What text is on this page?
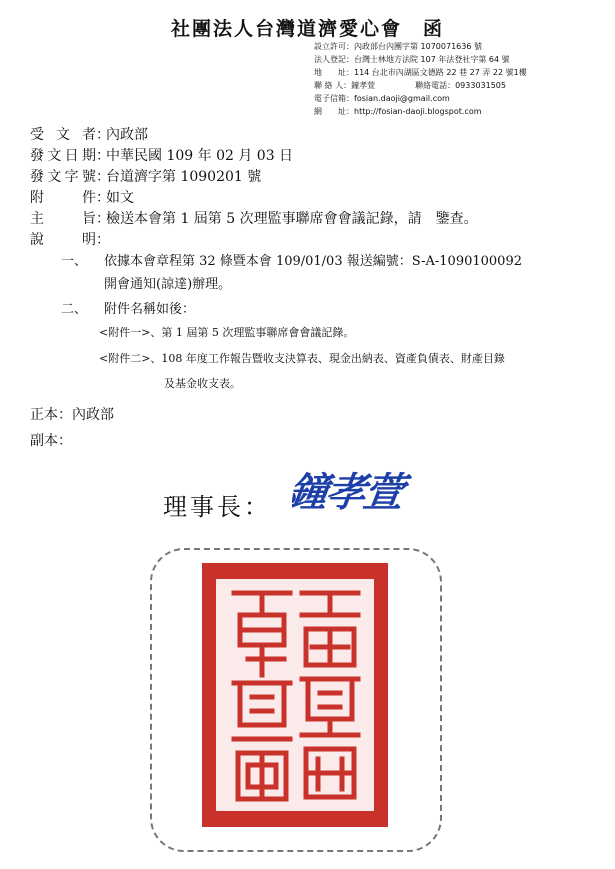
社團法人台灣道濟愛心會　函
設立許可：內政部台內團字第 1070071636 號
法人登記：台灣士林地方法院 107 年法登社字第 64 號
地　　址：114 台北市內湖區文德路 22 巷 27 弄 22 號1樓
聯 絡 人：鐘孝萱　　　　　聯絡電話：0933031505
電子信箱：fosian.daoji@gmail.com
網　　址：http://fosian-daoji.blogspot.com
受文者：內政部
發文日期：中華民國 109 年 02 月 03 日
發文字號：台道濟字第 1090201 號
附件：如文
主旨：檢送本會第 1 屆第 5 次理監事聯席會會議記錄，請　鑒查。
說明：
一、 依據本會章程第 32 條暨本會 109/01/03 報送編號：S-A-1090100092
開會通知(諒達)辦理。
二、 附件名稱如後：
<附件一>、第 1 屆第 5 次理監事聯席會會議記錄。
<附件二>、108 年度工作報告暨收支決算表、現金出納表、資產負債表、財產目錄
及基金收支表。
正本：內政部
副本：
理事長： 鐘孝萱
